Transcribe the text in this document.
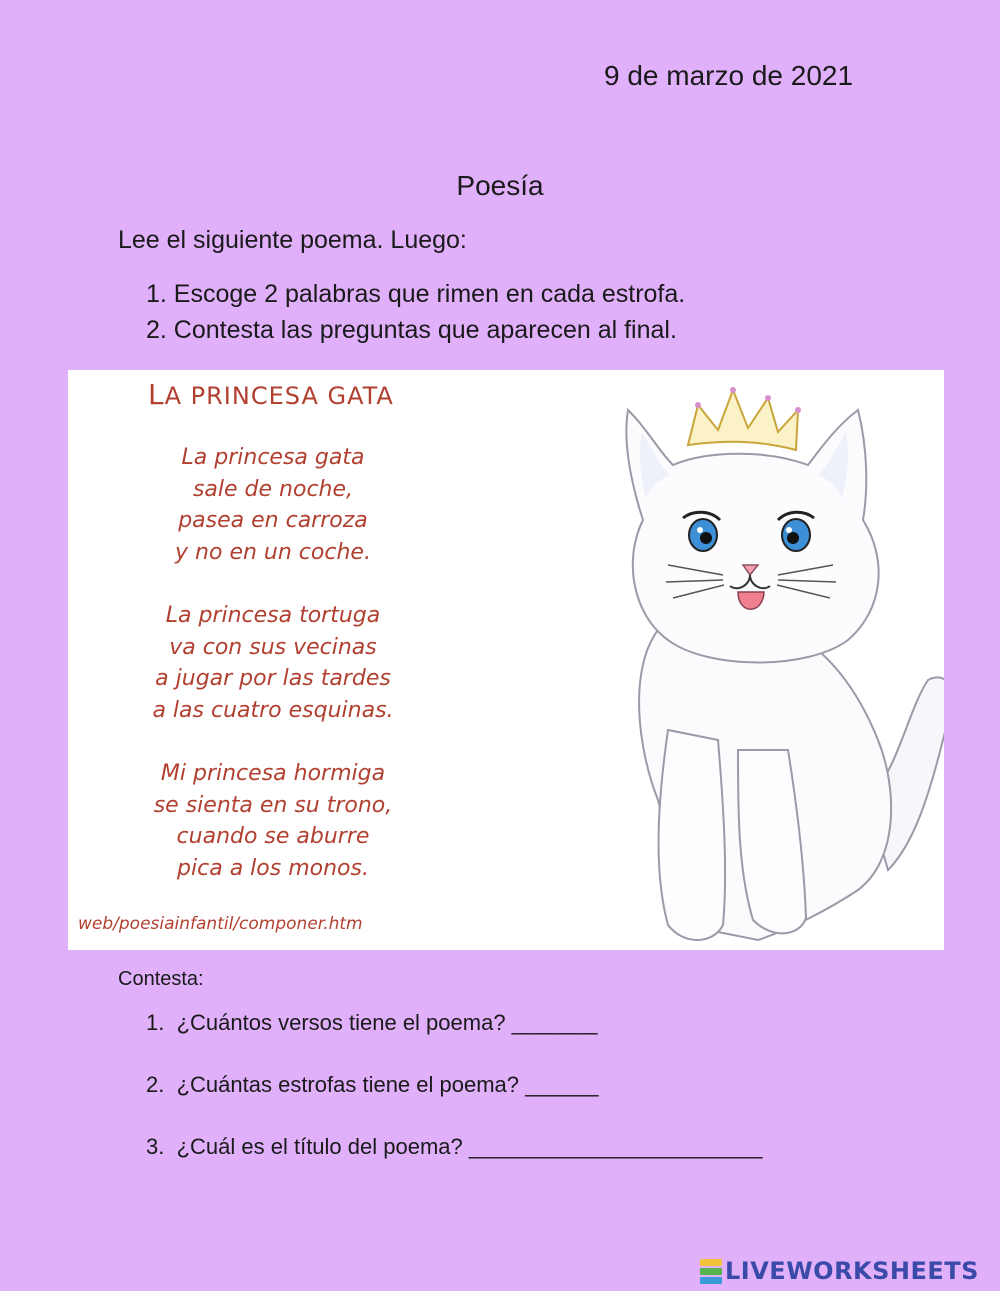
9 de marzo de 2021
Poesía
Lee el siguiente poema. Luego:
1. Escoge 2 palabras que rimen en cada estrofa.
2. Contesta las preguntas que aparecen al final.
LA PRINCESA GATA
La princesa gata
sale de noche,
pasea en carroza
y no en un coche.
La princesa tortuga
va con sus vecinas
a jugar por las tardes
a las cuatro esquinas.
Mi princesa hormiga
se sienta en su trono,
cuando se aburre
pica a los monos.
web/poesiainfantil/componer.htm
Contesta:
1. ¿Cuántos versos tiene el poema? _______
2. ¿Cuántas estrofas tiene el poema? ______
3. ¿Cuál es el título del poema? ________________________
LIVEWORKSHEETS
